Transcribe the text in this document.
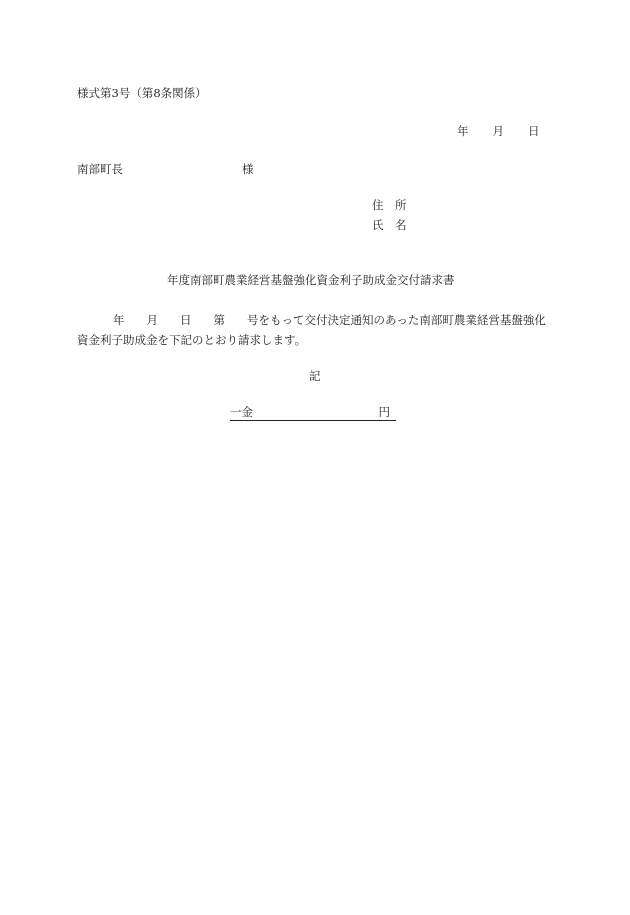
様式第3号（第8条関係）
年 月 日
南部町長	様
住　所
氏　名
年度南部町農業経営基盤強化資金利子助成金交付請求書
年 月 日 第 号をもって交付決定通知のあった南部町農業経営基盤強化資金利子助成金を下記のとおり請求します。
記
一金	円
